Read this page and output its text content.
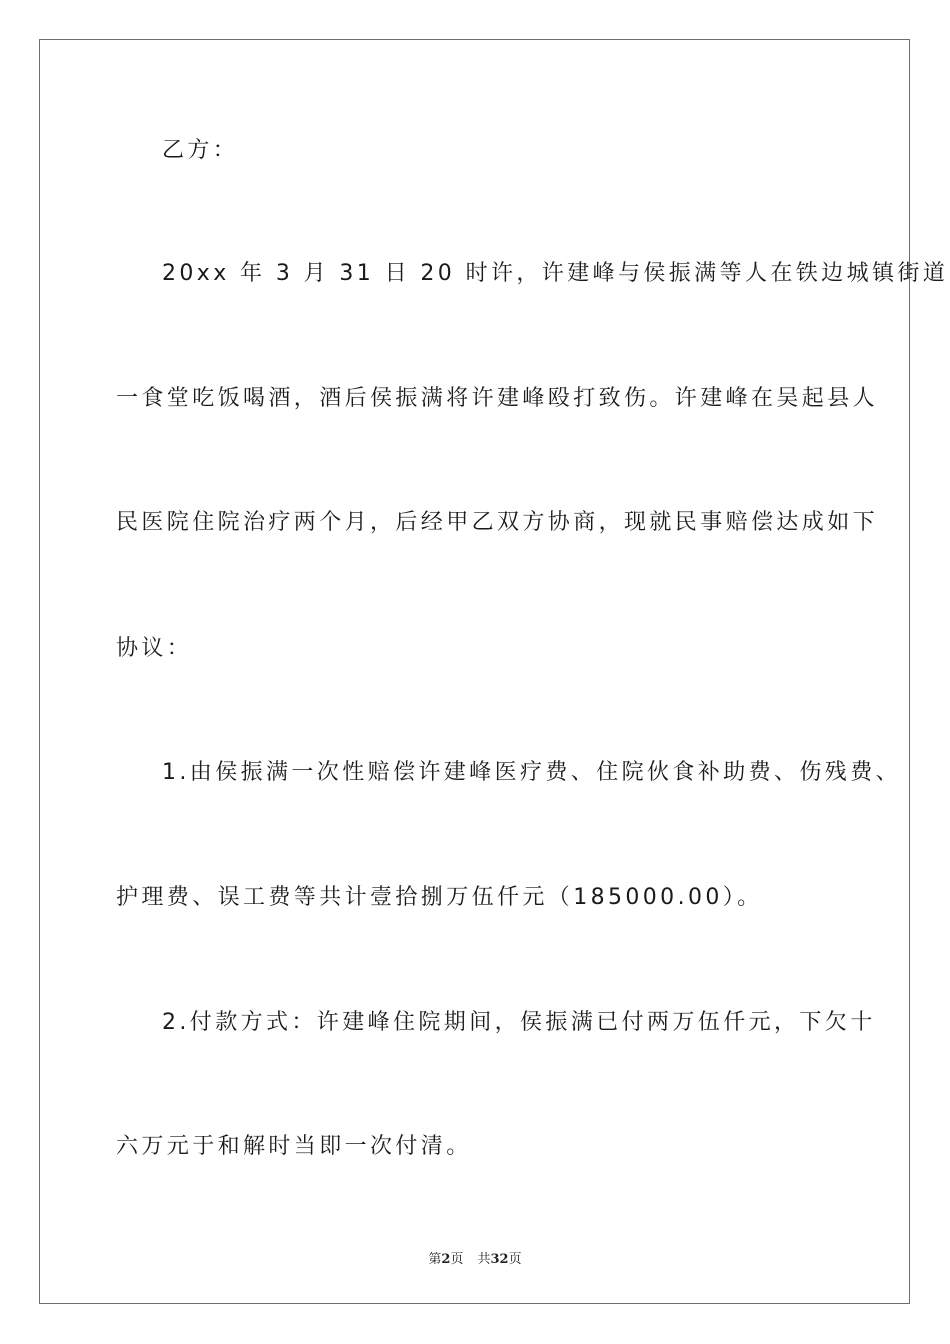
乙方：
20xx 年 3 月 31 日 20 时许，许建峰与侯振满等人在铁边城镇街道
一食堂吃饭喝酒，酒后侯振满将许建峰殴打致伤。许建峰在吴起县人
民医院住院治疗两个月，后经甲乙双方协商，现就民事赔偿达成如下
协议：
1.由侯振满一次性赔偿许建峰医疗费、住院伙食补助费、伤残费、
护理费、误工费等共计壹拾捌万伍仟元（185000.00）。
2.付款方式：许建峰住院期间，侯振满已付两万伍仟元，下欠十
六万元于和解时当即一次付清。
第2页 共32页
